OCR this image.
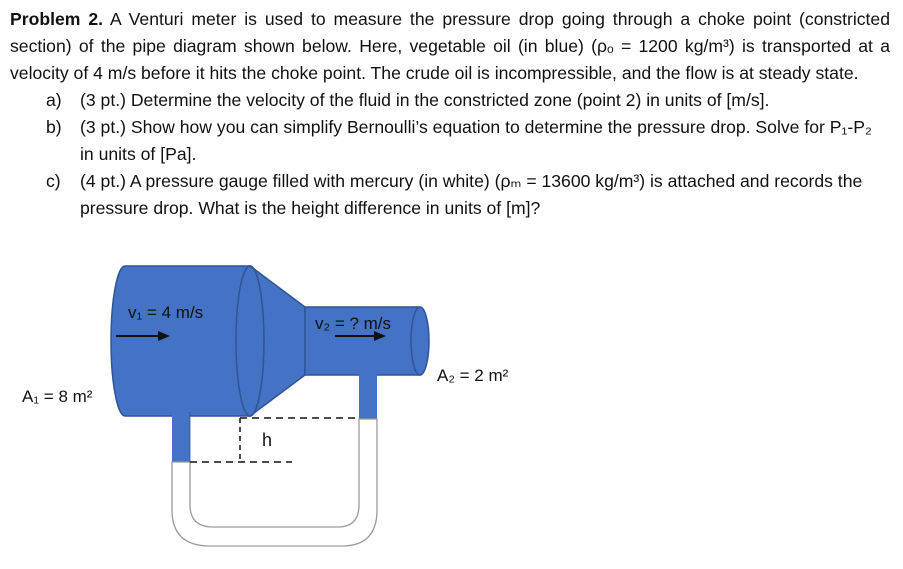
Problem 2. A Venturi meter is used to measure the pressure drop going through a choke point (constricted section) of the pipe diagram shown below. Here, vegetable oil (in blue) (ρₒ = 1200 kg/m³) is transported at a velocity of 4 m/s before it hits the choke point. The crude oil is incompressible, and the flow is at steady state.

a)	(3 pt.) Determine the velocity of the fluid in the constricted zone (point 2) in units of [m/s].
b)	(3 pt.) Show how you can simplify Bernoulli’s equation to determine the pressure drop. Solve for P₁-P₂ in units of [Pa].
c)	(4 pt.) A pressure gauge filled with mercury (in white) (ρₘ = 13600 kg/m³) is attached and records the pressure drop. What is the height difference in units of [m]?
v₁ = 4 m/s
v₂ = ? m/s
A₁ = 8 m²
A₂ = 2 m²
h
